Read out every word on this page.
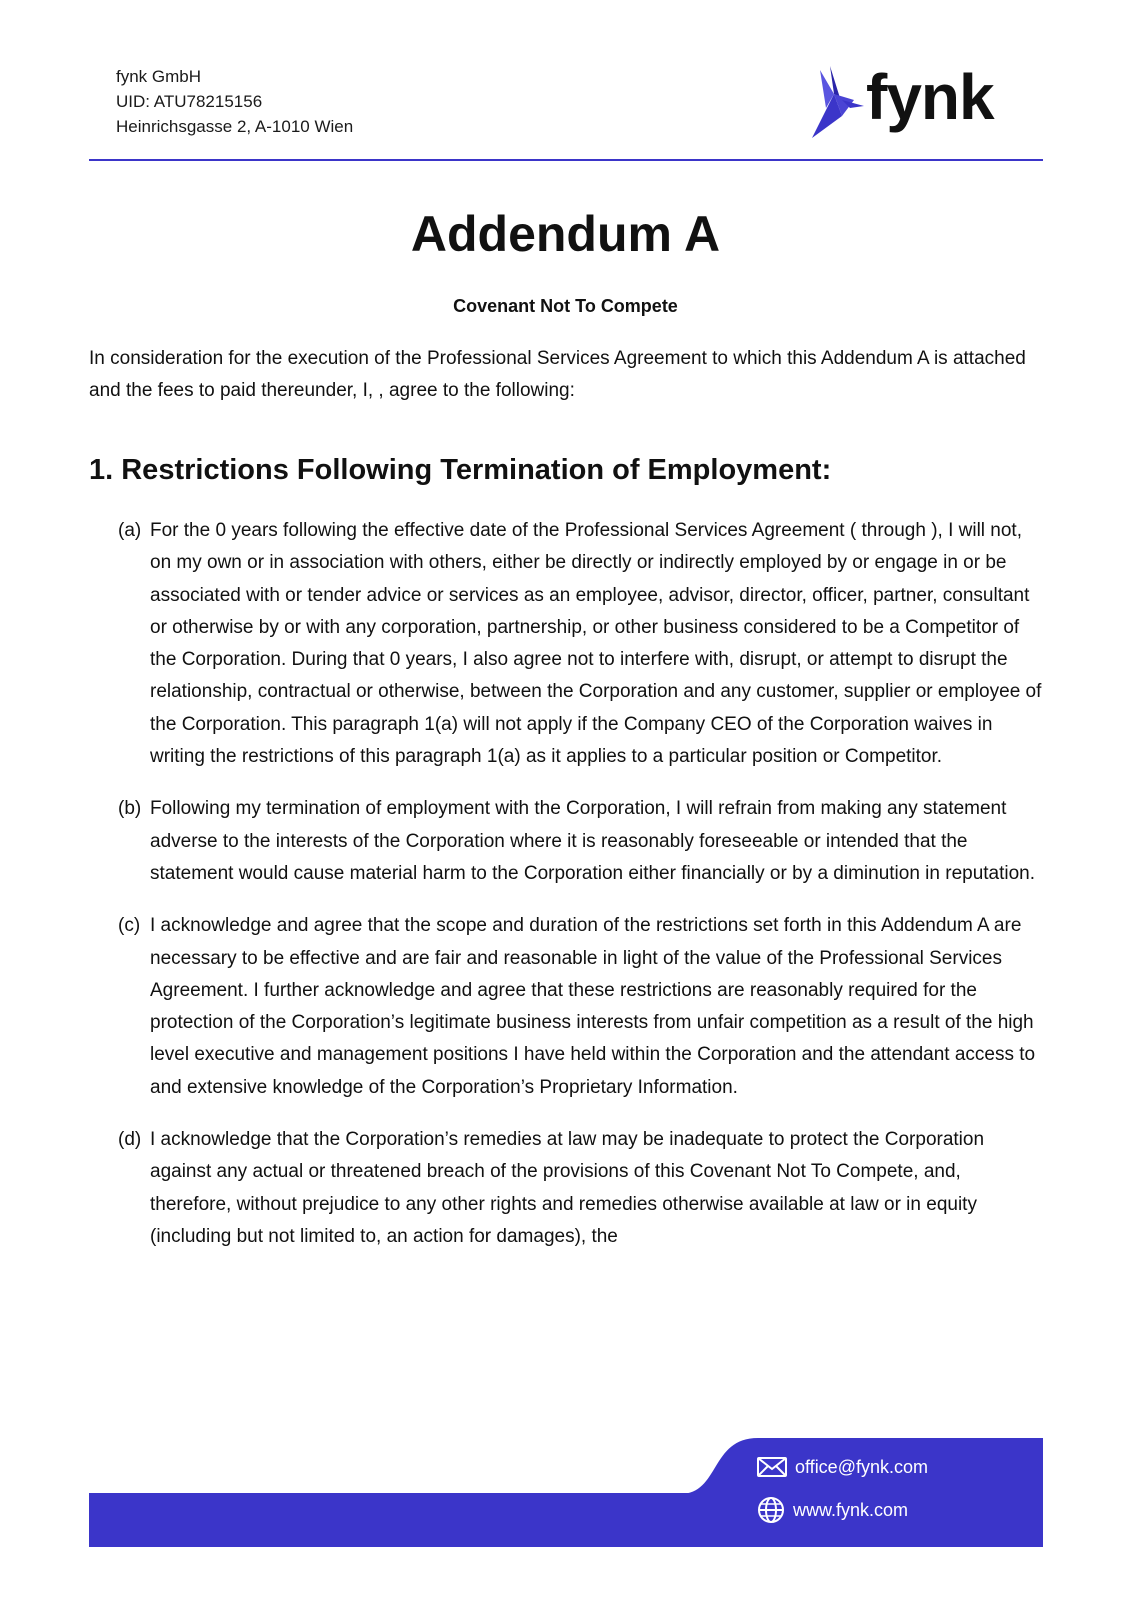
fynk GmbH
UID: ATU78215156
Heinrichsgasse 2, A-1010 Wien	fynk
Addendum A
Covenant Not To Compete
In consideration for the execution of the Professional Services Agreement to which this Addendum A is attached and the fees to paid thereunder, I, , agree to the following:
1. Restrictions Following Termination of Employment:
(a) For the 0 years following the effective date of the Professional Services Agreement ( through ), I will not, on my own or in association with others, either be directly or indirectly employed by or engage in or be associated with or tender advice or services as an employee, advisor, director, officer, partner, consultant or otherwise by or with any corporation, partnership, or other business considered to be a Competitor of the Corporation. During that 0 years, I also agree not to interfere with, disrupt, or attempt to disrupt the relationship, contractual or otherwise, between the Corporation and any customer, supplier or employee of the Corporation. This paragraph 1(a) will not apply if the Company CEO of the Corporation waives in writing the restrictions of this paragraph 1(a) as it applies to a particular position or Competitor.
(b) Following my termination of employment with the Corporation, I will refrain from making any statement adverse to the interests of the Corporation where it is reasonably foreseeable or intended that the statement would cause material harm to the Corporation either financially or by a diminution in reputation.
(c) I acknowledge and agree that the scope and duration of the restrictions set forth in this Addendum A are necessary to be effective and are fair and reasonable in light of the value of the Professional Services Agreement. I further acknowledge and agree that these restrictions are reasonably required for the protection of the Corporation’s legitimate business interests from unfair competition as a result of the high level executive and management positions I have held within the Corporation and the attendant access to and extensive knowledge of the Corporation’s Proprietary Information.
(d) I acknowledge that the Corporation’s remedies at law may be inadequate to protect the Corporation against any actual or threatened breach of the provisions of this Covenant Not To Compete, and, therefore, without prejudice to any other rights and remedies otherwise available at law or in equity (including but not limited to, an action for damages), the
office@fynk.com
www.fynk.com
